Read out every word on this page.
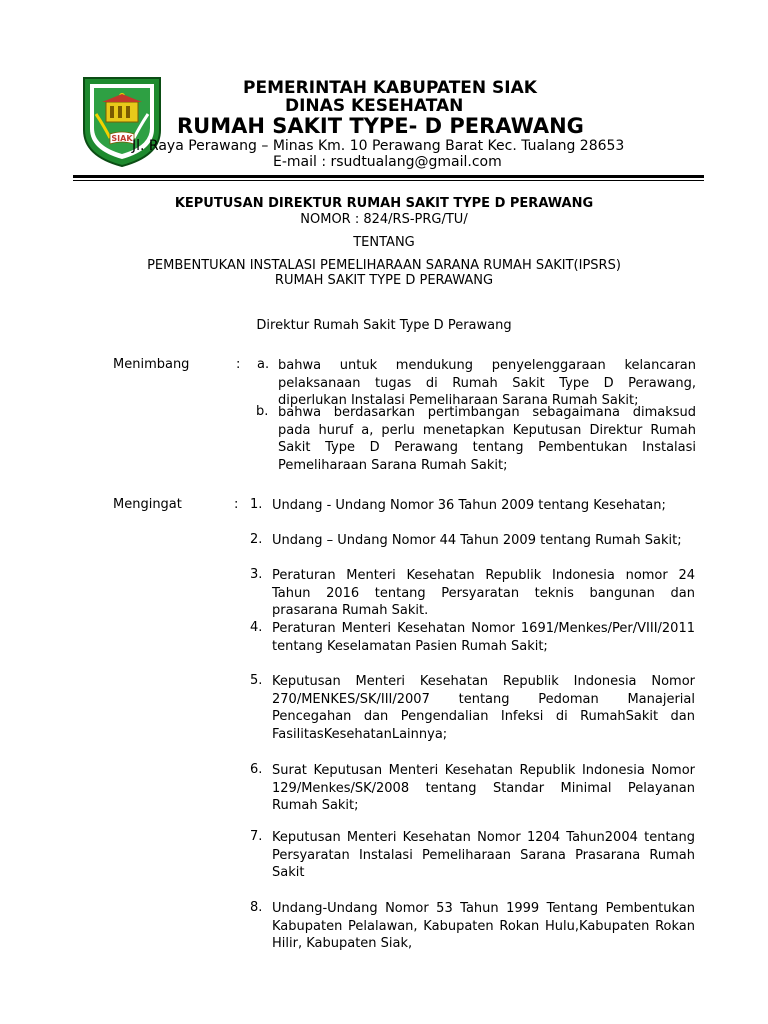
SIAK
PEMERINTAH KABUPATEN SIAK
DINAS KESEHATAN
RUMAH SAKIT TYPE- D PERAWANG
Jl. Raya Perawang – Minas Km. 10 Perawang Barat Kec. Tualang 28653
E-mail : rsudtualang@gmail.com
KEPUTUSAN DIREKTUR RUMAH SAKIT TYPE D PERAWANG
NOMOR : 824/RS-PRG/TU/
TENTANG
PEMBENTUKAN INSTALASI PEMELIHARAAN SARANA RUMAH SAKIT(IPSRS)
RUMAH SAKIT TYPE D PERAWANG
Direktur Rumah Sakit Type D Perawang
Menimbang	: a. bahwa untuk mendukung penyelenggaraan kelancaran pelaksanaan tugas di Rumah Sakit Type D Perawang, diperlukan Instalasi Pemeliharaan Sarana Rumah Sakit;
b. bahwa berdasarkan pertimbangan sebagaimana dimaksud pada huruf a, perlu menetapkan Keputusan Direktur Rumah Sakit Type D Perawang tentang Pembentukan Instalasi Pemeliharaan Sarana Rumah Sakit;
Mengingat	: 1. Undang - Undang Nomor 36 Tahun 2009 tentang Kesehatan;
2. Undang – Undang Nomor 44 Tahun 2009 tentang Rumah Sakit;
3. Peraturan Menteri Kesehatan Republik Indonesia nomor 24 Tahun 2016 tentang Persyaratan teknis bangunan dan prasarana Rumah Sakit.
4. Peraturan Menteri Kesehatan Nomor 1691/Menkes/Per/VIII/2011 tentang Keselamatan Pasien Rumah Sakit;
5. Keputusan Menteri Kesehatan Republik Indonesia Nomor 270/MENKES/SK/III/2007 tentang Pedoman Manajerial Pencegahan dan Pengendalian Infeksi di RumahSakit dan FasilitasKesehatanLainnya;
6. Surat Keputusan Menteri Kesehatan Republik Indonesia Nomor 129/Menkes/SK/2008 tentang Standar Minimal Pelayanan Rumah Sakit;
7. Keputusan Menteri Kesehatan Nomor 1204 Tahun2004 tentang Persyaratan Instalasi Pemeliharaan Sarana Prasarana Rumah Sakit
8. Undang-Undang Nomor 53 Tahun 1999 Tentang Pembentukan Kabupaten Pelalawan, Kabupaten Rokan Hulu,Kabupaten Rokan Hilir, Kabupaten Siak,
